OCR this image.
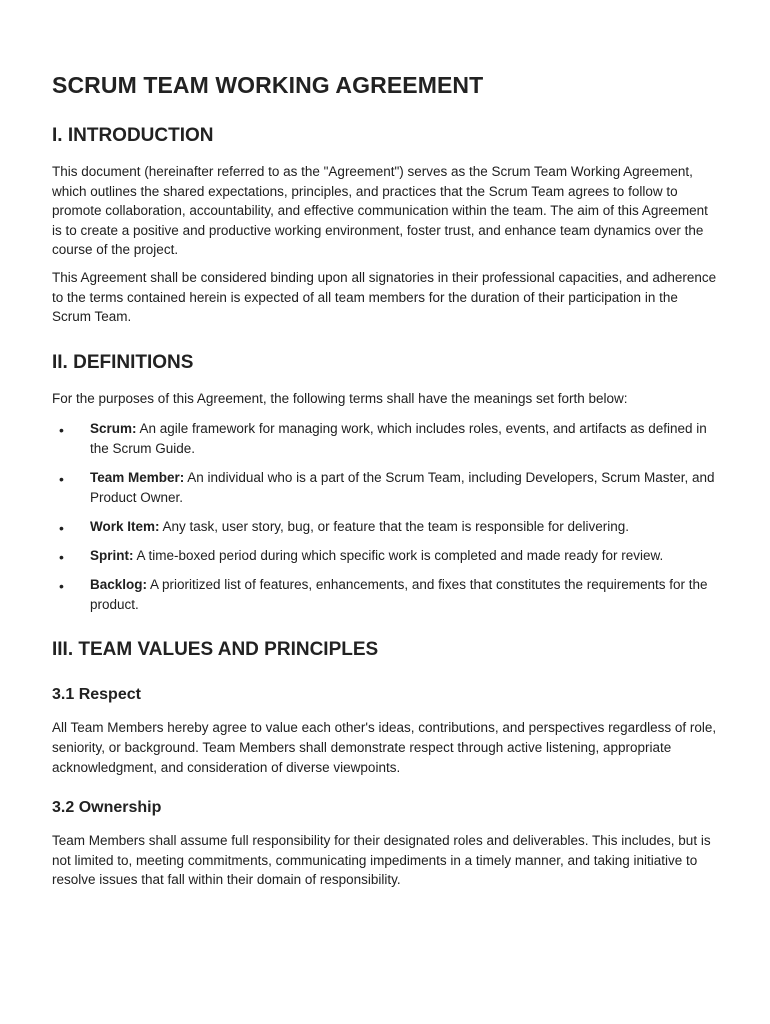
SCRUM TEAM WORKING AGREEMENT
I. INTRODUCTION

This document (hereinafter referred to as the "Agreement") serves as the Scrum Team Working Agreement, which outlines the shared expectations, principles, and practices that the Scrum Team agrees to follow to promote collaboration, accountability, and effective communication within the team. The aim of this Agreement is to create a positive and productive working environment, foster trust, and enhance team dynamics over the course of the project.

This Agreement shall be considered binding upon all signatories in their professional capacities, and adherence to the terms contained herein is expected of all team members for the duration of their participation in the Scrum Team.

II. DEFINITIONS

For the purposes of this Agreement, the following terms shall have the meanings set forth below:

• Scrum: An agile framework for managing work, which includes roles, events, and artifacts as defined in the Scrum Guide.
• Team Member: An individual who is a part of the Scrum Team, including Developers, Scrum Master, and Product Owner.
• Work Item: Any task, user story, bug, or feature that the team is responsible for delivering.
• Sprint: A time-boxed period during which specific work is completed and made ready for review.
• Backlog: A prioritized list of features, enhancements, and fixes that constitutes the requirements for the product.
III. TEAM VALUES AND PRINCIPLES
3.1 Respect

All Team Members hereby agree to value each other's ideas, contributions, and perspectives regardless of role, seniority, or background. Team Members shall demonstrate respect through active listening, appropriate acknowledgment, and consideration of diverse viewpoints.

3.2 Ownership

Team Members shall assume full responsibility for their designated roles and deliverables. This includes, but is not limited to, meeting commitments, communicating impediments in a timely manner, and taking initiative to resolve issues that fall within their domain of responsibility.
